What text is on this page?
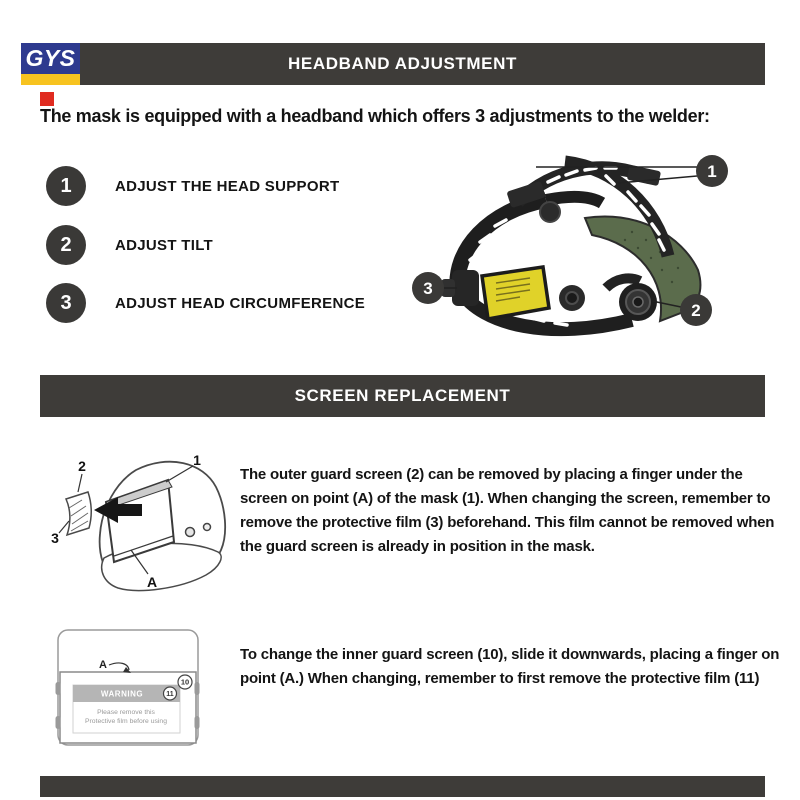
HEADBAND ADJUSTMENT
GYS
The mask is equipped with a headband which offers 3 adjustments to the welder:
1	ADJUST THE HEAD SUPPORT
2	ADJUST TILT
3	ADJUST HEAD CIRCUMFERENCE
1
2
3
SCREEN REPLACEMENT
1
2
3
A
The outer guard screen (2) can be removed by placing a finger under the screen on point (A) of the mask (1). When changing the screen, remember to remove the protective film (3) beforehand. This film cannot be removed when the guard screen is already in position in the mask.
A
WARNING	11
10
Please remove this
Protective film before using
To change the inner guard screen (10), slide it downwards, placing a finger on point (A.) When changing, remember to first remove the protective film (11)
